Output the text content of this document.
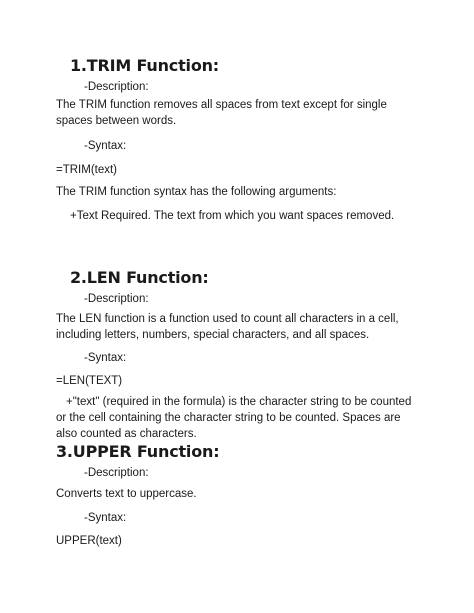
1.TRIM Function:

-Description:

The TRIM function removes all spaces from text except for single spaces between words.

-Syntax:

=TRIM(text)

The TRIM function syntax has the following arguments:

+Text Required. The text from which you want spaces removed.

2.LEN Function:

-Description:

The LEN function is a function used to count all characters in a cell, including letters, numbers, special characters, and all spaces.

-Syntax:

=LEN(TEXT)

+"text" (required in the formula) is the character string to be counted or the cell containing the character string to be counted. Spaces are also counted as characters.

3.UPPER Function:

-Description:

Converts text to uppercase.

-Syntax:

UPPER(text)
